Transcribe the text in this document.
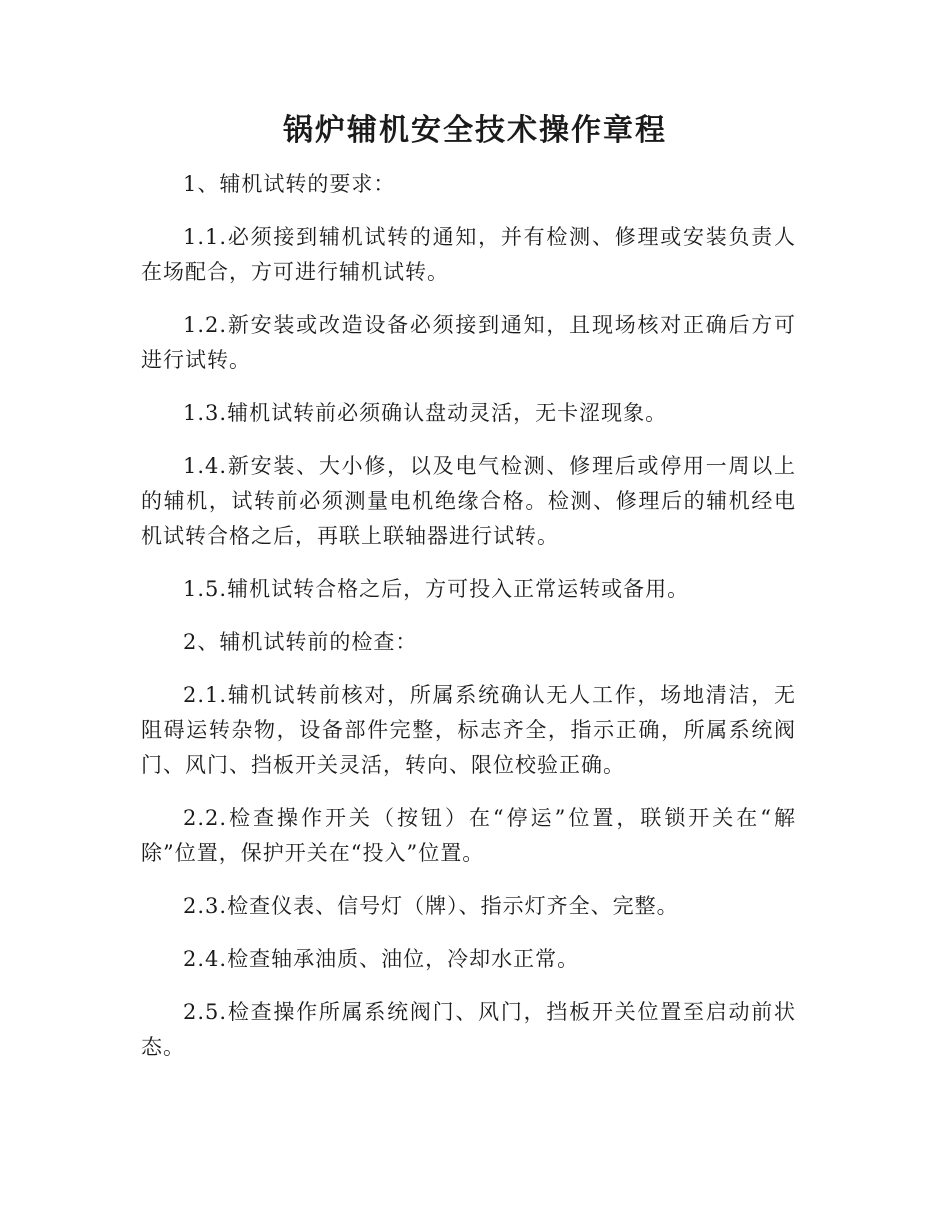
锅炉辅机安全技术操作章程

1、辅机试转的要求：

1.1.必须接到辅机试转的通知，并有检测、修理或安装负责人在场配合，方可进行辅机试转。

1.2.新安装或改造设备必须接到通知，且现场核对正确后方可进行试转。

1.3.辅机试转前必须确认盘动灵活，无卡涩现象。

1.4.新安装、大小修，以及电气检测、修理后或停用一周以上的辅机，试转前必须测量电机绝缘合格。检测、修理后的辅机经电机试转合格之后，再联上联轴器进行试转。

1.5.辅机试转合格之后，方可投入正常运转或备用。

2、辅机试转前的检查：

2.1.辅机试转前核对，所属系统确认无人工作，场地清洁，无阻碍运转杂物，设备部件完整，标志齐全，指示正确，所属系统阀门、风门、挡板开关灵活，转向、限位校验正确。

2.2.检查操作开关（按钮）在“停运”位置，联锁开关在“解除”位置，保护开关在“投入”位置。

2.3.检查仪表、信号灯（牌）、指示灯齐全、完整。

2.4.检查轴承油质、油位，冷却水正常。

2.5.检查操作所属系统阀门、风门，挡板开关位置至启动前状态。
